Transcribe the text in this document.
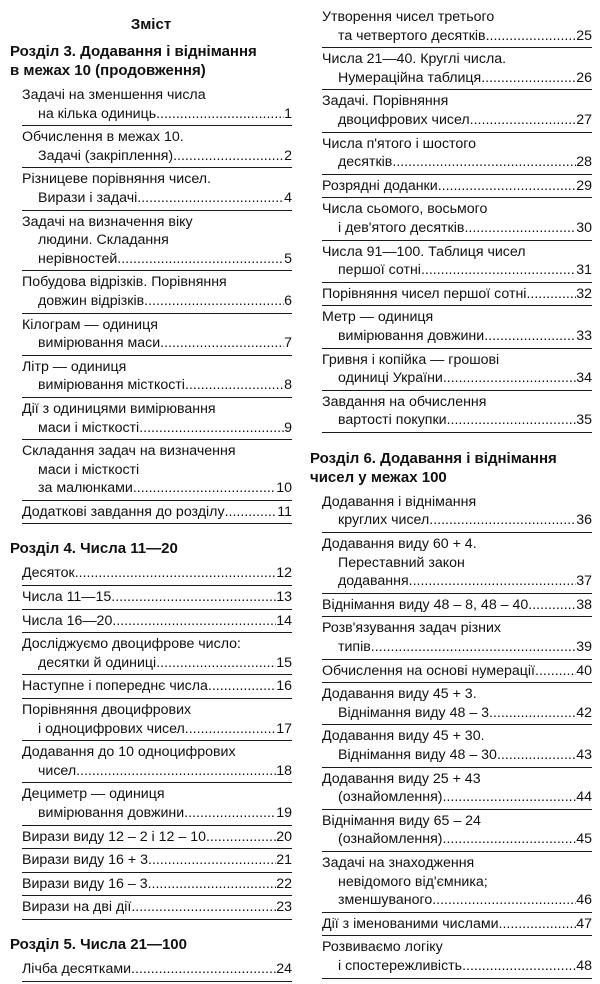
Зміст
Розділ 3. Додавання і віднімання
в межах 10 (продовження)
Задачі на зменшення числа
на кілька одиниць .....	1
Обчислення в межах 10.
Задачі (закріплення) .....	2
Різницеве порівняння чисел.
Вирази і задачі .....	4
Задачі на визначення віку
людини. Складання
нерівностей .....	5
Побудова відрізків. Порівняння
довжин відрізків .....	6
Кілограм — одиниця
вимірювання маси .....	7
Літр — одиниця
вимірювання місткості .....	8
Дії з одиницями вимірювання
маси і місткості .....	9
Складання задач на визначення
маси і місткості
за малюнками .....	10
Додаткові завдання до розділу .....	11
Розділ 4. Числа 11—20
Десяток .....	12
Числа 11—15 .....	13
Числа 16—20 .....	14
Досліджуємо двоцифрове число:
десятки й одиниці .....	15
Наступне і попереднє числа .....	16
Порівняння двоцифрових
і одноцифрових чисел .....	17
Додавання до 10 одноцифрових
чисел .....	18
Дециметр — одиниця
вимірювання довжини .....	19
Вирази виду 12 – 2 і 12 – 10 .....	20
Вирази виду 16 + 3 .....	21
Вирази виду 16 – 3 .....	22
Вирази на дві дії .....	23
Розділ 5. Числа 21—100
Лічба десятками .....	24
Утворення чисел третього
та четвертого десятків .....	25
Числа 21—40. Круглі числа.
Нумераційна таблиця .....	26
Задачі. Порівняння
двоцифрових чисел .....	27
Числа п'ятого і шостого
десятків .....	28
Розрядні доданки .....	29
Числа сьомого, восьмого
і дев'ятого десятків .....	30
Числа 91—100. Таблиця чисел
першої сотні .....	31
Порівняння чисел першої сотні .....	32
Метр — одиниця
вимірювання довжини .....	33
Гривня і копійка — грошові
одиниці України .....	34
Завдання на обчислення
вартості покупки .....	35
Розділ 6. Додавання і віднімання
чисел у межах 100
Додавання і віднімання
круглих чисел .....	36
Додавання виду 60 + 4.
Переставний закон
додавання .....	37
Віднімання виду 48 – 8, 48 – 40 .....	38
Розв'язування задач різних
типів .....	39
Обчислення на основі нумерації .....	40
Додавання виду 45 + 3.
Віднімання виду 48 – 3 .....	42
Додавання виду 45 + 30.
Віднімання виду 48 – 30 .....	43
Додавання виду 25 + 43
(ознайомлення) .....	44
Віднімання виду 65 – 24
(ознайомлення) .....	45
Задачі на знаходження
невідомого від'ємника;
зменшуваного .....	46
Дії з іменованими числами .....	47
Розвиваємо логіку
і спостережливість .....	48
